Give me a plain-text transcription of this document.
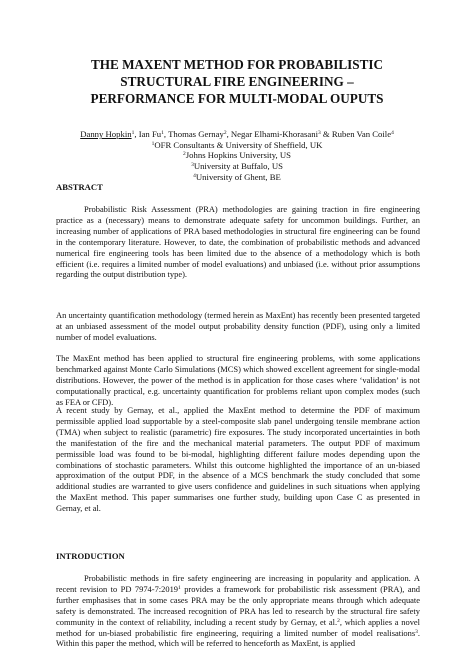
THE MAXENT METHOD FOR PROBABILISTIC
STRUCTURAL FIRE ENGINEERING –
PERFORMANCE FOR MULTI-MODAL OUPUTS
Danny Hopkin$^1$, Ian Fu$^1$, Thomas Gernay$^2$, Negar Elhami-Khorasani$^3$ & Ruben Van Coile$^4$
$^1$OFR Consultants & University of Sheffield, UK
$^2$Johns Hopkins University, US
$^3$University at Buffalo, US
$^4$University of Ghent, BE
ABSTRACT
Probabilistic Risk Assessment (PRA) methodologies are gaining traction in fire engineering practice as a (necessary) means to demonstrate adequate safety for uncommon buildings. Further, an increasing number of applications of PRA based methodologies in structural fire engineering can be found in the contemporary literature. However, to date, the combination of probabilistic methods and advanced numerical fire engineering tools has been limited due to the absence of a methodology which is both efficient (i.e. requires a limited number of model evaluations) and unbiased (i.e. without prior assumptions regarding the output distribution type).
An uncertainty quantification methodology (termed herein as MaxEnt) has recently been presented targeted at an unbiased assessment of the model output probability density function (PDF), using only a limited number of model evaluations.
The MaxEnt method has been applied to structural fire engineering problems, with some applications benchmarked against Monte Carlo Simulations (MCS) which showed excellent agreement for single-modal distributions. However, the power of the method is in application for those cases where ‘validation’ is not computationally practical, e.g. uncertainty quantification for problems reliant upon complex modes (such as FEA or CFD).
A recent study by Gernay, et al., applied the MaxEnt method to determine the PDF of maximum permissible applied load supportable by a steel-composite slab panel undergoing tensile membrane action (TMA) when subject to realistic (parametric) fire exposures. The study incorporated uncertainties in both the manifestation of the fire and the mechanical material parameters. The output PDF of maximum permissible load was found to be bi-modal, highlighting different failure modes depending upon the combinations of stochastic parameters. Whilst this outcome highlighted the importance of an un-biased approximation of the output PDF, in the absence of a MCS benchmark the study concluded that some additional studies are warranted to give users confidence and guidelines in such situations when applying the MaxEnt method. This paper summarises one further study, building upon Case C as presented in Gernay, et al.
INTRODUCTION
Probabilistic methods in fire safety engineering are increasing in popularity and application. A recent revision to PD 7974-7:2019$^1$ provides a framework for probabilistic risk assessment (PRA), and further emphasises that in some cases PRA may be the only appropriate means through which adequate safety is demonstrated. The increased recognition of PRA has led to research by the structural fire safety community in the context of reliability, including a recent study by Gernay, et al.$^2$, which applies a novel method for un-biased probabilistic fire engineering, requiring a limited number of model realisations$^3$. Within this paper the method, which will be referred to henceforth as MaxEnt, is applied
